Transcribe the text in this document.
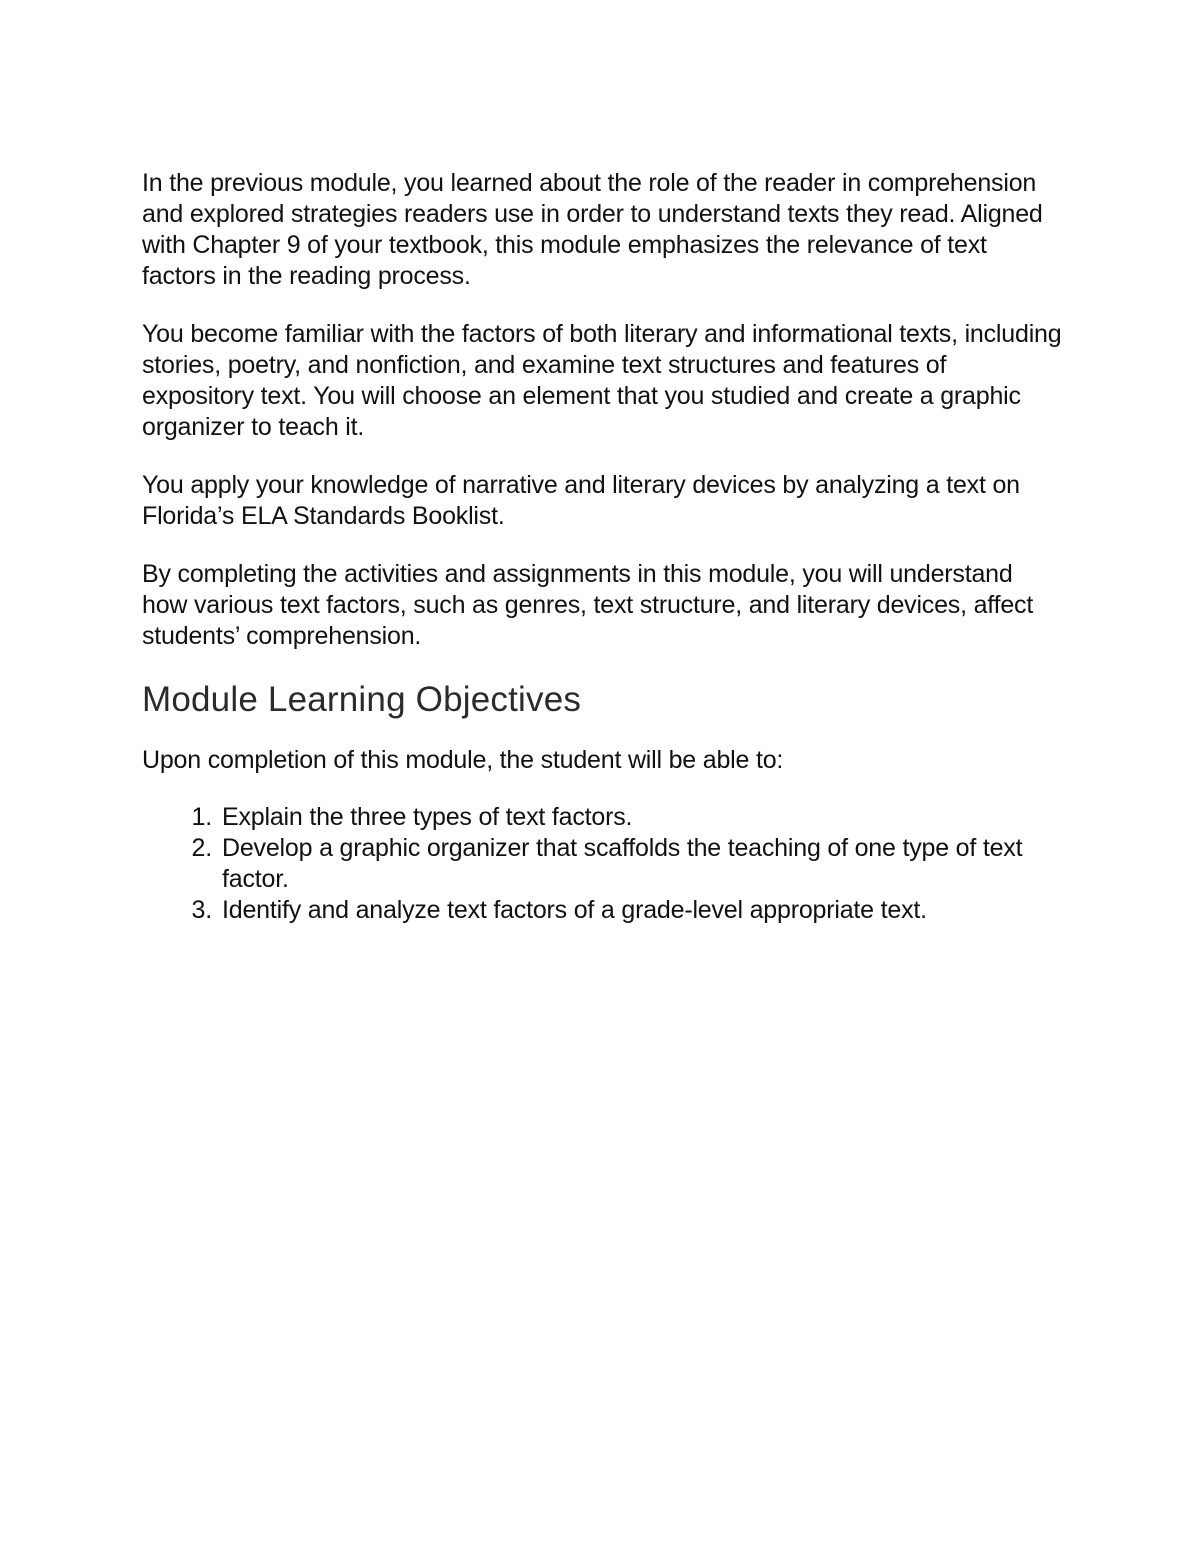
In the previous module, you learned about the role of the reader in comprehension and explored strategies readers use in order to understand texts they read. Aligned with Chapter 9 of your textbook, this module emphasizes the relevance of text factors in the reading process.

You become familiar with the factors of both literary and informational texts, including stories, poetry, and nonfiction, and examine text structures and features of expository text. You will choose an element that you studied and create a graphic organizer to teach it.

You apply your knowledge of narrative and literary devices by analyzing a text on Florida’s ELA Standards Booklist.

By completing the activities and assignments in this module, you will understand how various text factors, such as genres, text structure, and literary devices, affect students’ comprehension.

Module Learning Objectives

Upon completion of this module, the student will be able to:

1. Explain the three types of text factors.
2. Develop a graphic organizer that scaffolds the teaching of one type of text factor.
3. Identify and analyze text factors of a grade-level appropriate text.
